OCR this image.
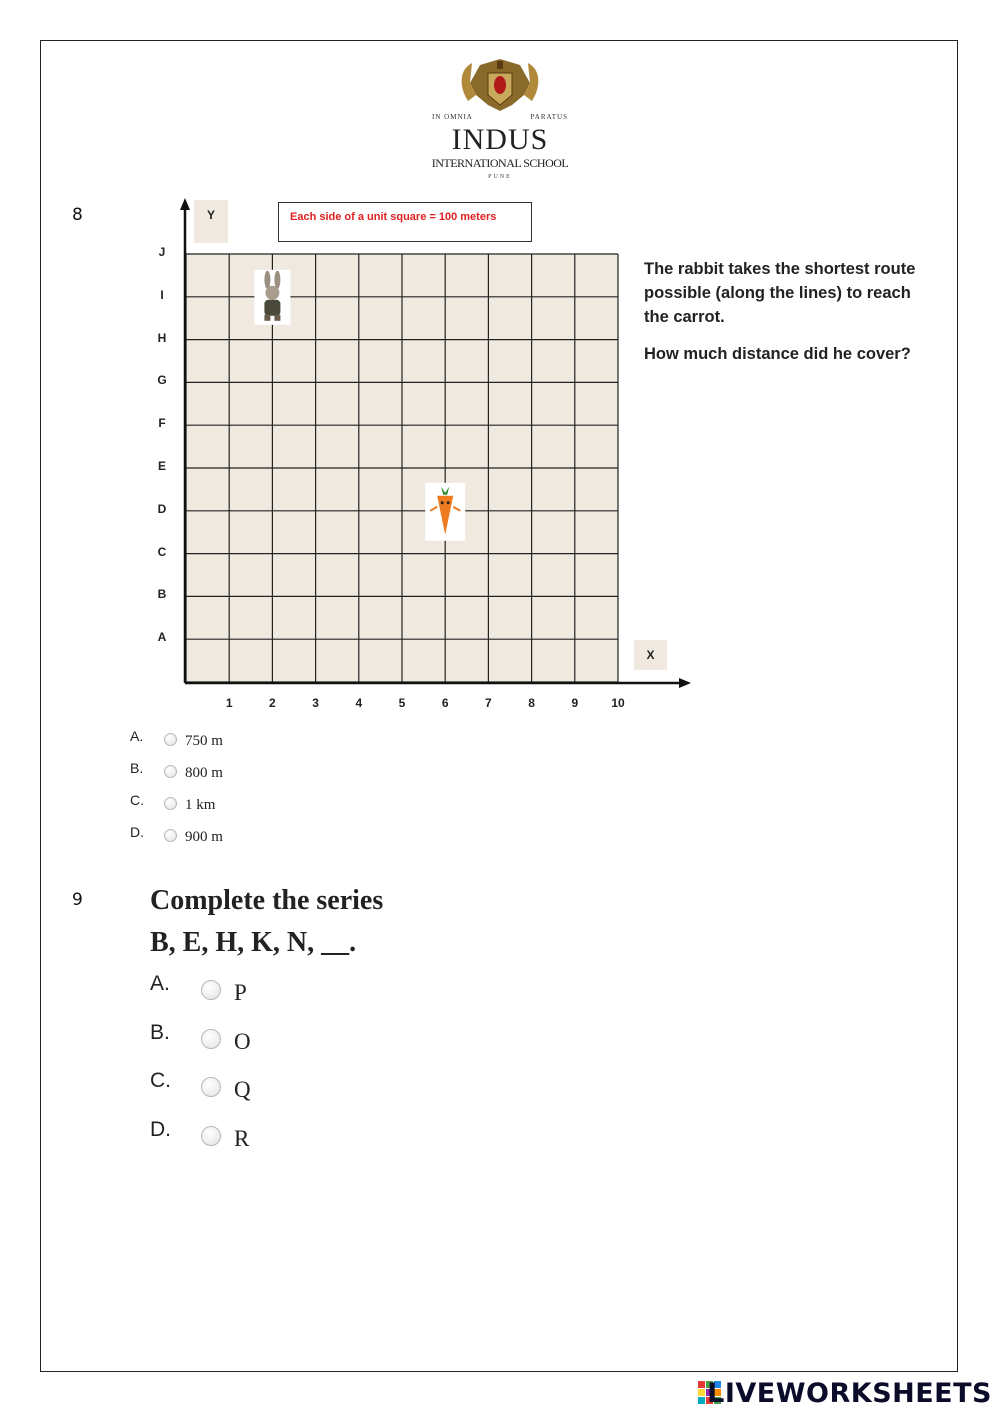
IN OMNIA	PARATUS
INDUS
INTERNATIONAL SCHOOL
PUNE
8	Y
X
Each side of a unit square = 100 meters
A
B
C
D
E
F
G
H
I
J
1	2	3	4	5	6	7	8	9	10
The rabbit takes the shortest route possible (along the lines) to reach the carrot.
How much distance did he cover?
A.	750 m
B.	800 m
C.	1 km
D.	900 m
9 Complete the series
B, E, H, K, N, __.
A.	P
B.	O
C.	Q
D.	R
LIVEWORKSHEETS
